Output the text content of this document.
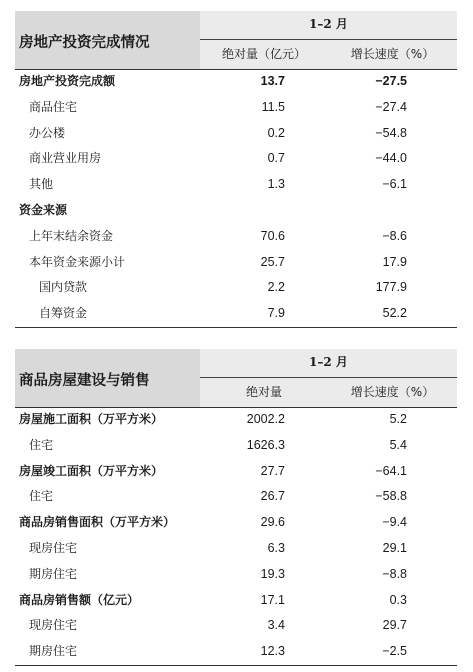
房地产投资完成情况
1–2 月
绝对量（亿元）	增长速度（%）
房地产投资完成额	13.7	−27.5
商品住宅	11.5	−27.4
办公楼	0.2	−54.8
商业营业用房	0.7	−44.0
其他	1.3	−6.1
资金来源
上年末结余资金	70.6	−8.6
本年资金来源小计	25.7	17.9
国内贷款	2.2	177.9
自筹资金	7.9	52.2
商品房屋建设与销售
1–2 月
绝对量	增长速度（%）
房屋施工面积（万平方米）	2002.2	5.2
住宅	1626.3	5.4
房屋竣工面积（万平方米）	27.7	−64.1
住宅	26.7	−58.8
商品房销售面积（万平方米）	29.6	−9.4
现房住宅	6.3	29.1
期房住宅	19.3	−8.8
商品房销售额（亿元）	17.1	0.3
现房住宅	3.4	29.7
期房住宅	12.3	−2.5
